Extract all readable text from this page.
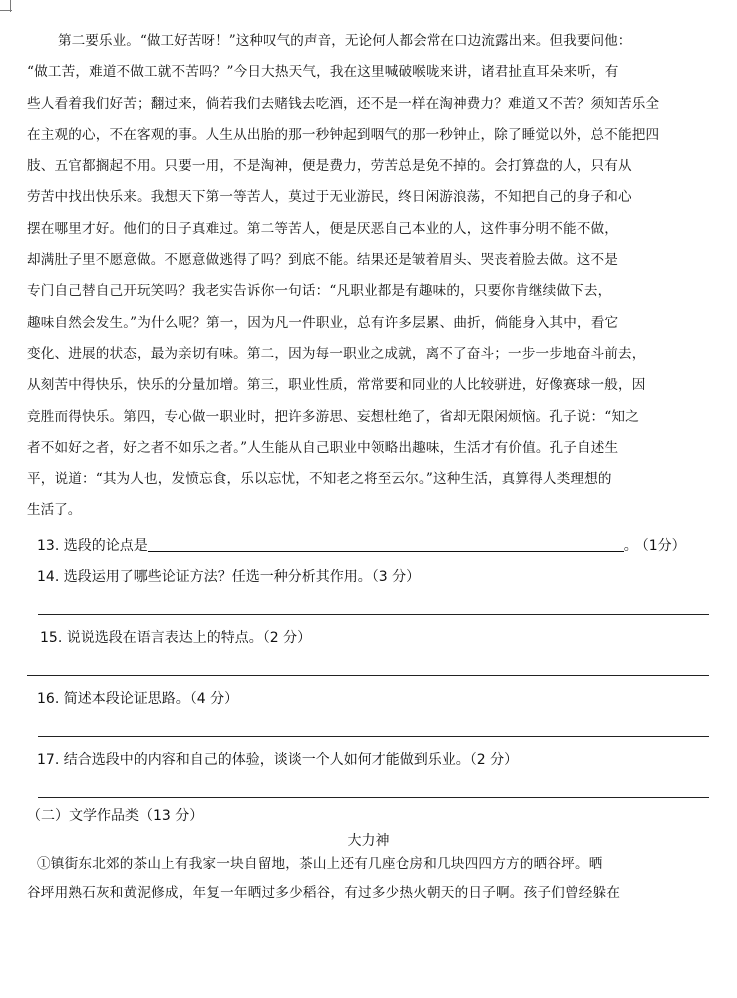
第二要乐业。“做工好苦呀！”这种叹气的声音，无论何人都会常在口边流露出来。但我要问他：
“做工苦，难道不做工就不苦吗？”今日大热天气，我在这里喊破喉咙来讲，诸君扯直耳朵来听，有
些人看着我们好苦；翻过来，倘若我们去赌钱去吃酒，还不是一样在淘神费力？难道又不苦？须知苦乐全
在主观的心，不在客观的事。人生从出胎的那一秒钟起到咽气的那一秒钟止，除了睡觉以外，总不能把四
肢、五官都搁起不用。只要一用，不是淘神，便是费力，劳苦总是免不掉的。会打算盘的人，只有从
劳苦中找出快乐来。我想天下第一等苦人，莫过于无业游民，终日闲游浪荡，不知把自己的身子和心
摆在哪里才好。他们的日子真难过。第二等苦人，便是厌恶自己本业的人，这件事分明不能不做，
却满肚子里不愿意做。不愿意做逃得了吗？到底不能。结果还是皱着眉头、哭丧着脸去做。这不是
专门自己替自己开玩笑吗？我老实告诉你一句话：“凡职业都是有趣味的，只要你肯继续做下去，
趣味自然会发生。”为什么呢？第一，因为凡一件职业，总有许多层累、曲折，倘能身入其中，看它
变化、进展的状态，最为亲切有味。第二，因为每一职业之成就，离不了奋斗；一步一步地奋斗前去，
从刻苦中得快乐，快乐的分量加增。第三，职业性质，常常要和同业的人比较骈进，好像赛球一般，因
竞胜而得快乐。第四，专心做一职业时，把许多游思、妄想杜绝了，省却无限闲烦恼。孔子说：“知之
者不如好之者，好之者不如乐之者。”人生能从自己职业中领略出趣味，生活才有价值。孔子自述生
平，说道：“其为人也，发愤忘食，乐以忘忧，不知老之将至云尔。”这种生活，真算得人类理想的
生活了。
13. 选段的论点是	。 （1分）
14. 选段运用了哪些论证方法？任选一种分析其作用。（3 分）
15. 说说选段在语言表达上的特点。（2 分）
16. 简述本段论证思路。（4 分）
17. 结合选段中的内容和自己的体验，谈谈一个人如何才能做到乐业。（2 分）
（二）文学作品类（13 分）
大力神
①镇街东北郊的茶山上有我家一块自留地，茶山上还有几座仓房和几块四四方方的晒谷坪。晒
谷坪用熟石灰和黄泥修成，年复一年晒过多少稻谷，有过多少热火朝天的日子啊。孩子们曾经躲在
